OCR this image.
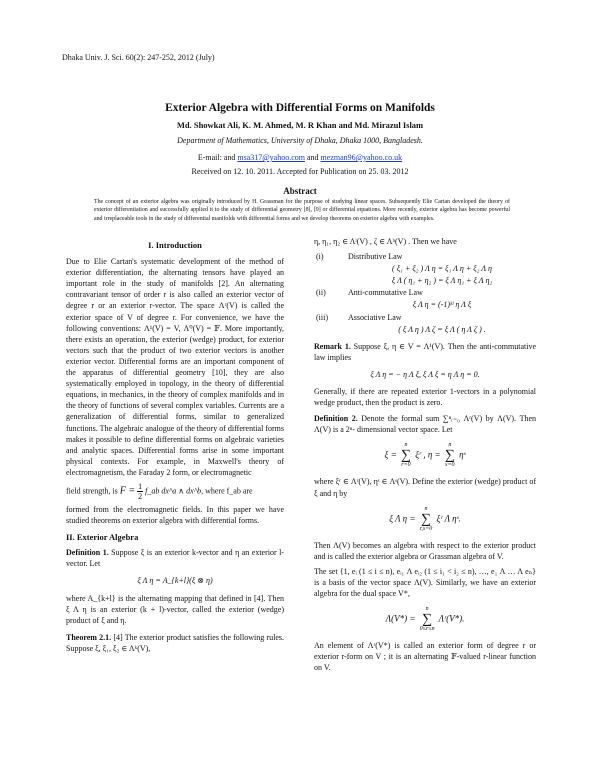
Dhaka Univ. J. Sci. 60(2): 247-252, 2012 (July)
Exterior Algebra with Differential Forms on Manifolds
Md. Showkat Ali, K. M. Ahmed, M. R Khan and Md. Mirazul Islam
Department of Mathematics, University of Dhaka, Dhaka 1000, Bangladesh.
E-mail: and msa317@yahoo.com and mezman96@yahoo.co.uk
Received on 12. 10. 2011. Accepted for Publication on 25. 03. 2012
Abstract
The concept of an exterior algebra was originally introduced by H. Grassman for the purpose of studying linear spaces. Subsequently Elie Cartan developed the theory of exterior differentiation and successfully applied it to the study of differential geometry [8], [9] or differential equations. More recently, exterior algebra has become powerful and irreplaceable tools in the study of differential manifolds with differential forms and we develop theorems on exterior algebra with examples.
I. Introduction

Due to Elie Cartan's systematic development of the method of exterior differentiation, the alternating tensors have played an important role in the study of manifolds [2]. An alternating contravariant tensor of order r is also called an exterior vector of degree r or an exterior r-vector. The space Λʳ(V) is called the exterior space of V of degree r. For convenience, we have the following conventions: Λ¹(V) = V, Λ⁰(V) = 𝔽. More importantly, there exists an operation, the exterior (wedge) product, for exterior vectors such that the product of two exterior vectors is another exterior vector. Differential forms are an important component of the apparatus of differential geometry [10], they are also systematically employed in topology, in the theory of differential equations, in mechanics, in the theory of complex manifolds and in the theory of functions of several complex variables. Currents are a generalization of differential forms, similar to generalized functions. The algebraic analogue of the theory of differential forms makes it possible to define differential forms on algebraic varieties and analytic spaces. Differential forms arise in some important physical contexts. For example, in Maxwell's theory of electromagnetism, the Faraday 2 form, or electromagnetic

field strength, is $F = \frac{1}{2}$ f_ab dx^a ∧ dx^b, where f_ab are

formed from the electromagnetic fields. In this paper we have studied theorems on exterior algebra with differential forms.

II. Exterior Algebra

Definition 1. Suppose ξ is an exterior k-vector and η an exterior l-vector. Let

ξ Λ η = A_{k+l}(ξ ⊗ η)

where A_{k+l} is the alternating mapping that defined in [4]. Then ξ Λ η is an exterior (k + l)-vector, called the exterior (wedge) product of ξ and η.

Theorem 2.1. [4] The exterior product satisfies the following rules. Suppose ξ, ξ₁, ξ₂ ∈ Λᵏ(V),

η, η₁, η₂ ∈ Λˡ(V) , ζ ∈ Λʰ(V) . Then we have

(i)	Distributive Law
( ξ₁ + ξ₂ ) Λ η = ξ₁ Λ η + ξ₂ Λ η
ξ Λ ( η₁ + η₂ ) = ξ Λ η₁ + ξ Λ η₂
(ii)	Anti-commutative Law
ξ Λ η = (-1)ᵏˡ η Λ ξ
(iii)	Associative Law
( ξ Λ η ) Λ ζ = ξ Λ ( η Λ ζ ) .

Remark 1. Suppose ξ, η ∈ V = Λ¹(V). Then the anti-commutative law implies

ξ Λ η = − η Λ ξ, ξ Λ ξ = η Λ η = 0.

Generally, if there are repeated exterior 1-vectors in a polynomial wedge product, then the product is zero.

Definition 2. Denote the formal sum ∑ⁿᵣ₌₀ Λʳ(V) by Λ(V). Then Λ(V) is a 2ⁿ- dimensional vector space. Let

ξ =
n
∑
r=0
ξʳ , η =
n
∑
s=0
ηˢ

where ξʳ ∈ Λʳ(V), ηˢ ∈ Λˢ(V). Define the exterior (wedge) product of ξ and η by

ξ Λ η =
n
∑
r,s=0
ξʳ Λ ηˢ.

Then Λ(V) becomes an algebra with respect to the exterior product and is called the exterior algebra or Grassman algebra of V.

The set {1, eᵢ (1 ≤ i ≤ n), eᵢ₁ Λ eᵢ₂ (1 ≤ i₁ < i₂ ≤ n), …, e₁ Λ … Λ eₙ} is a basis of the vector space Λ(V). Similarly, we have an exterior algebra for the dual space V*,

Λ(V*) =
n
∑
0≤r≤n
Λʳ(V*).

An element of Λʳ(V*) is called an exterior form of degree r or exterior r-form on V ; it is an alternating 𝔽-valued r-linear function on V.
